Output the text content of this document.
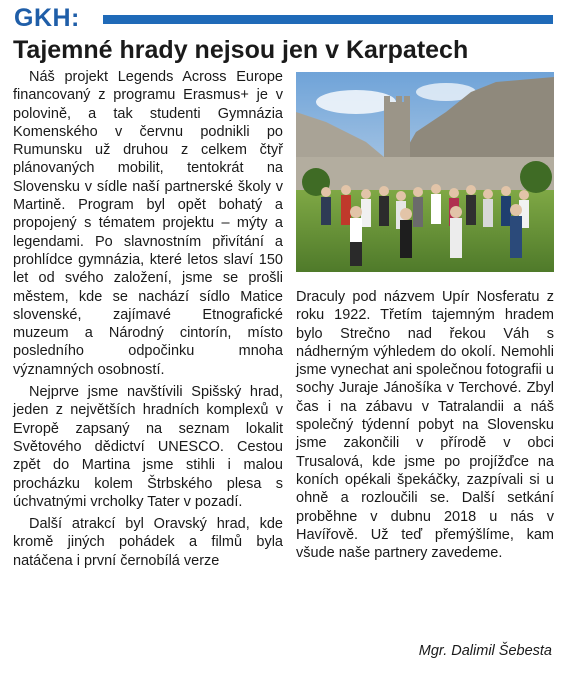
GKH:
Tajemné hrady nejsou jen v Karpatech

Náš projekt Legends Across Europe financovaný z programu Erasmus+ je v polovině, a tak studenti Gymnázia Komenského v červnu podnikli po Rumunsku už druhou z celkem čtyř plánovaných mobilit, tentokrát na Slovensku v sídle naší partnerské školy v Martině. Program byl opět bohatý a propojený s tématem projektu – mýty a legendami. Po slavnostním přivítání a prohlídce gymnázia, které letos slaví 150 let od svého založení, jsme se prošli městem, kde se nachází sídlo Matice slovenské, zajímavé Etnografické muzeum a Národný cintorín, místo posledního odpočinku mnoha významných osobností.

Nejprve jsme navštívili Spišský hrad, jeden z největších hradních komplexů v Evropě zapsaný na seznam lokalit Světového dědictví UNESCO. Cestou zpět do Martina jsme stihli i malou procházku kolem Štrbského plesa s úchvatnými vrcholky Tater v pozadí.

Další atrakcí byl Oravský hrad, kde kromě jiných pohádek a filmů byla natáčena i první černobílá verze

Draculy pod názvem Upír Nosferatu z roku 1922. Třetím tajemným hradem bylo Strečno nad řekou Váh s nádherným výhledem do okolí. Nemohli jsme vynechat ani společnou fotografii u sochy Juraje Jánošíka v Terchové. Zbyl čas i na zábavu v Tatralandii a náš společný týdenní pobyt na Slovensku jsme zakončili v přírodě v obci Trusalová, kde jsme po projížďce na koních opékali špekáčky, zazpívali si u ohně a rozloučili se. Další setkání proběhne v dubnu 2018 u nás v Havířově. Už teď přemýšlíme, kam všude naše partnery zavedeme.

Mgr. Dalimil Šebesta
